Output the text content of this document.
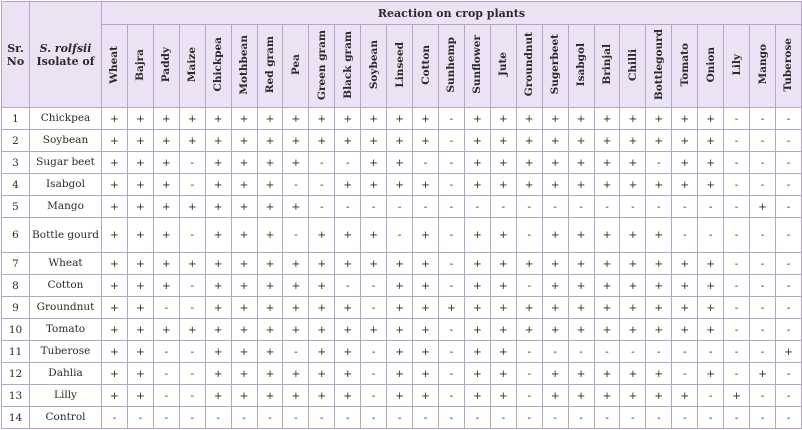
Sr. No	S. rolfsii
Isolate of	Reaction on crop plants																										
		Wheat	Bajra	Paddy	Maize	Chickpea	Mothbean	Red gram	Pea	Green gram	Black gram	Soybean	Linseed	Cotton	Sunhemp	Sunflower	Jute	Groundnut	Sugerbeet	Isabgol	Brinjal	Chilli	Bottlegourd	Tomato	Onion	Lily	Mango	Tuberose
1	Chickpea	+	+	+	+	+	+	+	+	+	+	+	+	+	-	+	+	+	+	+	+	+	+	+	+	-	-	-
2	Soybean	+	+	+	+	+	+	+	+	+	+	+	+	+	-	+	+	+	+	+	+	+	+	+	+	-	-	-
3	Sugar beet	+	+	+	-	+	+	+	+	-	-	+	+	-	-	+	+	+	+	+	+	+	-	+	+	-	-	-
4	Isabgol	+	+	+	-	+	+	+	-	-	+	+	+	+	-	+	+	+	+	+	+	+	+	+	+	-	-	-
5	Mango	+	+	+	+	+	+	+	+	-	-	-	-	-	-	-	-	-	-	-	-	-	-	-	-	-	+	-
6	Bottle gourd	+	+	+	-	+	+	+	-	+	+	+	-	+	-	+	+	-	+	+	+	+	+	-	-	-	-	-
7	Wheat	+	+	+	+	+	+	+	+	+	+	+	+	+	-	+	+	+	+	+	+	+	+	+	+	-	-	-
8	Cotton	+	+	+	-	+	+	+	+	+	-	-	+	+	-	+	+	-	+	+	+	+	+	+	+	-	-	-
9	Groundnut	+	+	-	-	+	+	+	+	+	+	-	+	+	+	+	+	+	+	+	+	+	+	+	+	-	-	-
10	Tomato	+	+	+	+	+	+	+	+	+	+	+	+	+	-	+	+	+	+	+	+	+	+	+	+	-	-	-
11	Tuberose	+	+	-	-	+	+	+	-	+	+	-	+	+	-	+	+	-	-	-	-	-	-	-	-	-	-	+
12	Dahlia	+	+	-	-	+	+	+	+	+	+	-	+	+	-	+	+	-	+	+	+	+	+	-	+	-	+	-
13	Lilly	+	+	-	-	+	+	+	+	+	+	-	+	+	-	+	+	-	+	+	+	+	+	+	-	+	-	-
14	Control	-	-	-	-	-	-	-	-	-	-	-	-	-	-	-	-	-	-	-	-	-	-	-	-	-	-	-
